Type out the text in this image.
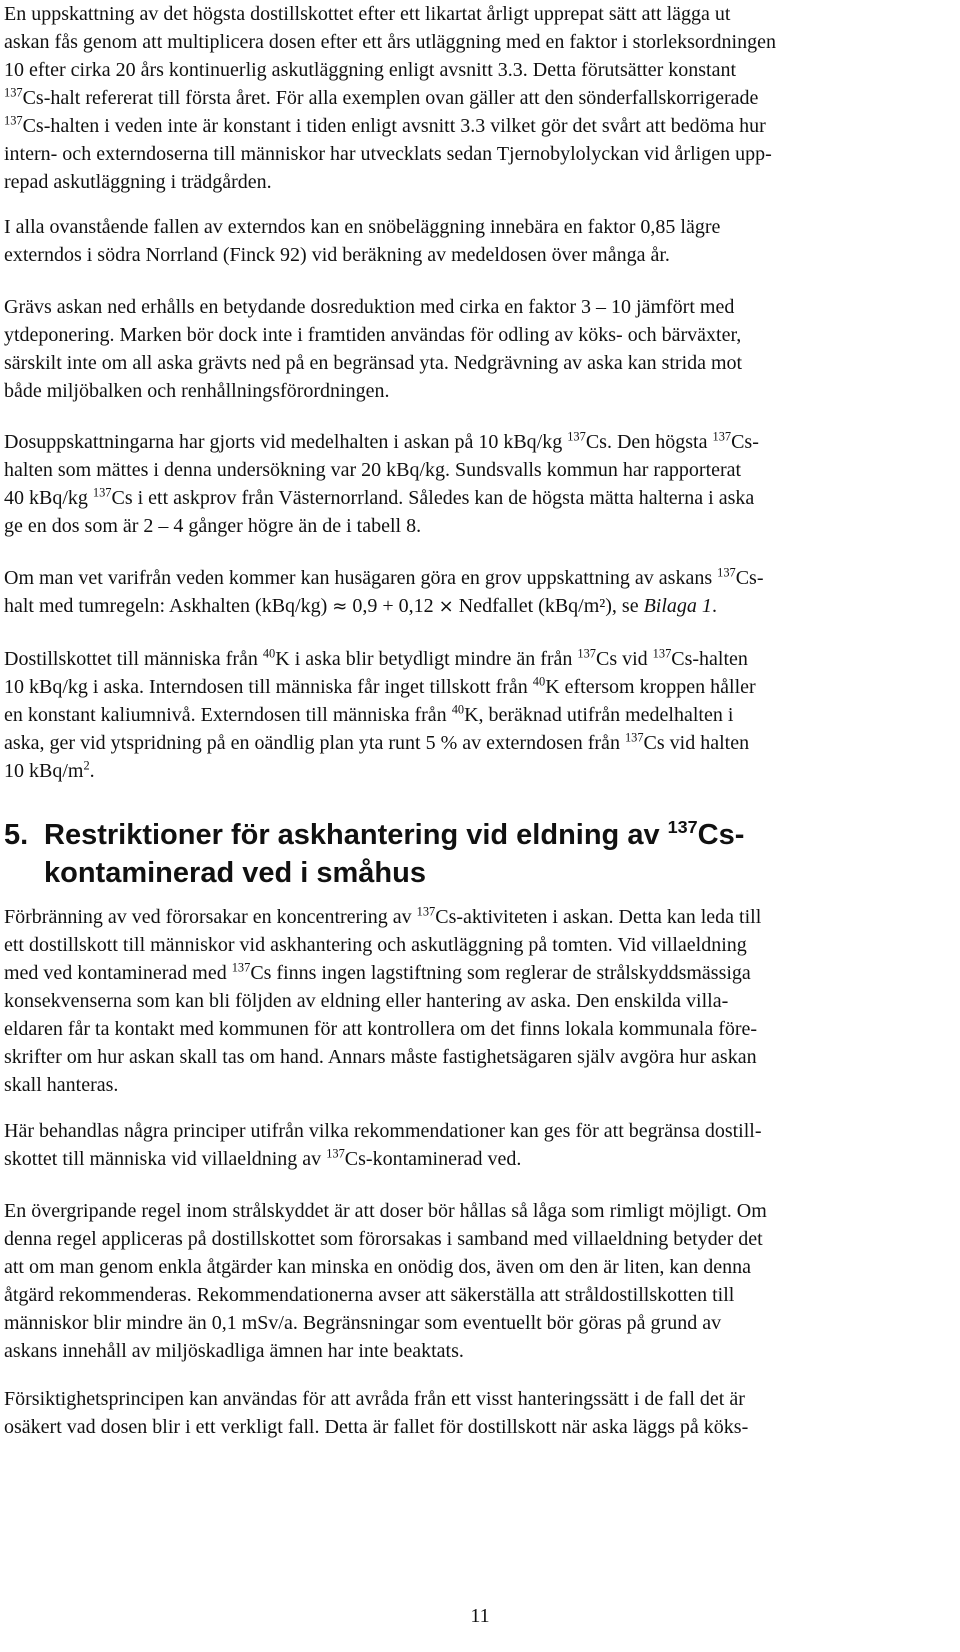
En uppskattning av det högsta dostillskottet efter ett likartat årligt upprepat sätt att lägga ut
askan fås genom att multiplicera dosen efter ett års utläggning med en faktor i storleksordningen
10 efter cirka 20 års kontinuerlig askutläggning enligt avsnitt 3.3. Detta förutsätter konstant
$^{137}$Cs-halt refererat till första året. För alla exemplen ovan gäller att den sönderfallskorrigerade
$^{137}$Cs-halten i veden inte är konstant i tiden enligt avsnitt 3.3 vilket gör det svårt att bedöma hur
intern- och externdoserna till människor har utvecklats sedan Tjernobylolyckan vid årligen upp-
repad askutläggning i trädgården.

I alla ovanstående fallen av externdos kan en snöbeläggning innebära en faktor 0,85 lägre
externdos i södra Norrland (Finck 92) vid beräkning av medeldosen över många år.

Grävs askan ned erhålls en betydande dosreduktion med cirka en faktor 3 – 10 jämfört med
ytdeponering. Marken bör dock inte i framtiden användas för odling av köks- och bärväxter,
särskilt inte om all aska grävts ned på en begränsad yta. Nedgrävning av aska kan strida mot
både miljöbalken och renhållningsförordningen.

Dosuppskattningarna har gjorts vid medelhalten i askan på 10 kBq/kg $^{137}$Cs. Den högsta $^{137}$Cs-
halten som mättes i denna undersökning var 20 kBq/kg. Sundsvalls kommun har rapporterat
40 kBq/kg $^{137}$Cs i ett askprov från Västernorrland. Således kan de högsta mätta halterna i aska
ge en dos som är 2 – 4 gånger högre än de i tabell 8.

Om man vet varifrån veden kommer kan husägaren göra en grov uppskattning av askans $^{137}$Cs-
halt med tumregeln: Askhalten (kBq/kg) ≈ 0,9 + 0,12 × Nedfallet (kBq/m²), se Bilaga 1.

Dostillskottet till människa från $^{40}$K i aska blir betydligt mindre än från $^{137}$Cs vid $^{137}$Cs-halten
10 kBq/kg i aska. Interndosen till människa får inget tillskott från $^{40}$K eftersom kroppen håller
en konstant kaliumnivå. Externdosen till människa från $^{40}$K, beräknad utifrån medelhalten i
aska, ger vid ytspridning på en oändlig plan yta runt 5 % av externdosen från $^{137}$Cs vid halten
10 kBq/$m^2$.

Förbränning av ved förorsakar en koncentrering av $^{137}$Cs-aktiviteten i askan. Detta kan leda till
ett dostillskott till människor vid askhantering och askutläggning på tomten. Vid villaeldning
med ved kontaminerad med $^{137}$Cs finns ingen lagstiftning som reglerar de strålskyddsmässiga
konsekvenserna som kan bli följden av eldning eller hantering av aska. Den enskilda villa-
eldaren får ta kontakt med kommunen för att kontrollera om det finns lokala kommunala före-
skrifter om hur askan skall tas om hand. Annars måste fastighetsägaren själv avgöra hur askan
skall hanteras.

Här behandlas några principer utifrån vilka rekommendationer kan ges för att begränsa dostill-
skottet till människa vid villaeldning av $^{137}$Cs-kontaminerad ved.

En övergripande regel inom strålskyddet är att doser bör hållas så låga som rimligt möjligt. Om
denna regel appliceras på dostillskottet som förorsakas i samband med villaeldning betyder det
att om man genom enkla åtgärder kan minska en onödig dos, även om den är liten, kan denna
åtgärd rekommenderas. Rekommendationerna avser att säkerställa att stråldostillskotten till
människor blir mindre än 0,1 mSv/a. Begränsningar som eventuellt bör göras på grund av
askans innehåll av miljöskadliga ämnen har inte beaktats.

Försiktighetsprincipen kan användas för att avråda från ett visst hanteringssätt i de fall det är
osäkert vad dosen blir i ett verkligt fall. Detta är fallet för dostillskott när aska läggs på köks-

5. Restriktioner för askhantering vid eldning av $^{137}$Cs-
kontaminerad ved i småhus
11
